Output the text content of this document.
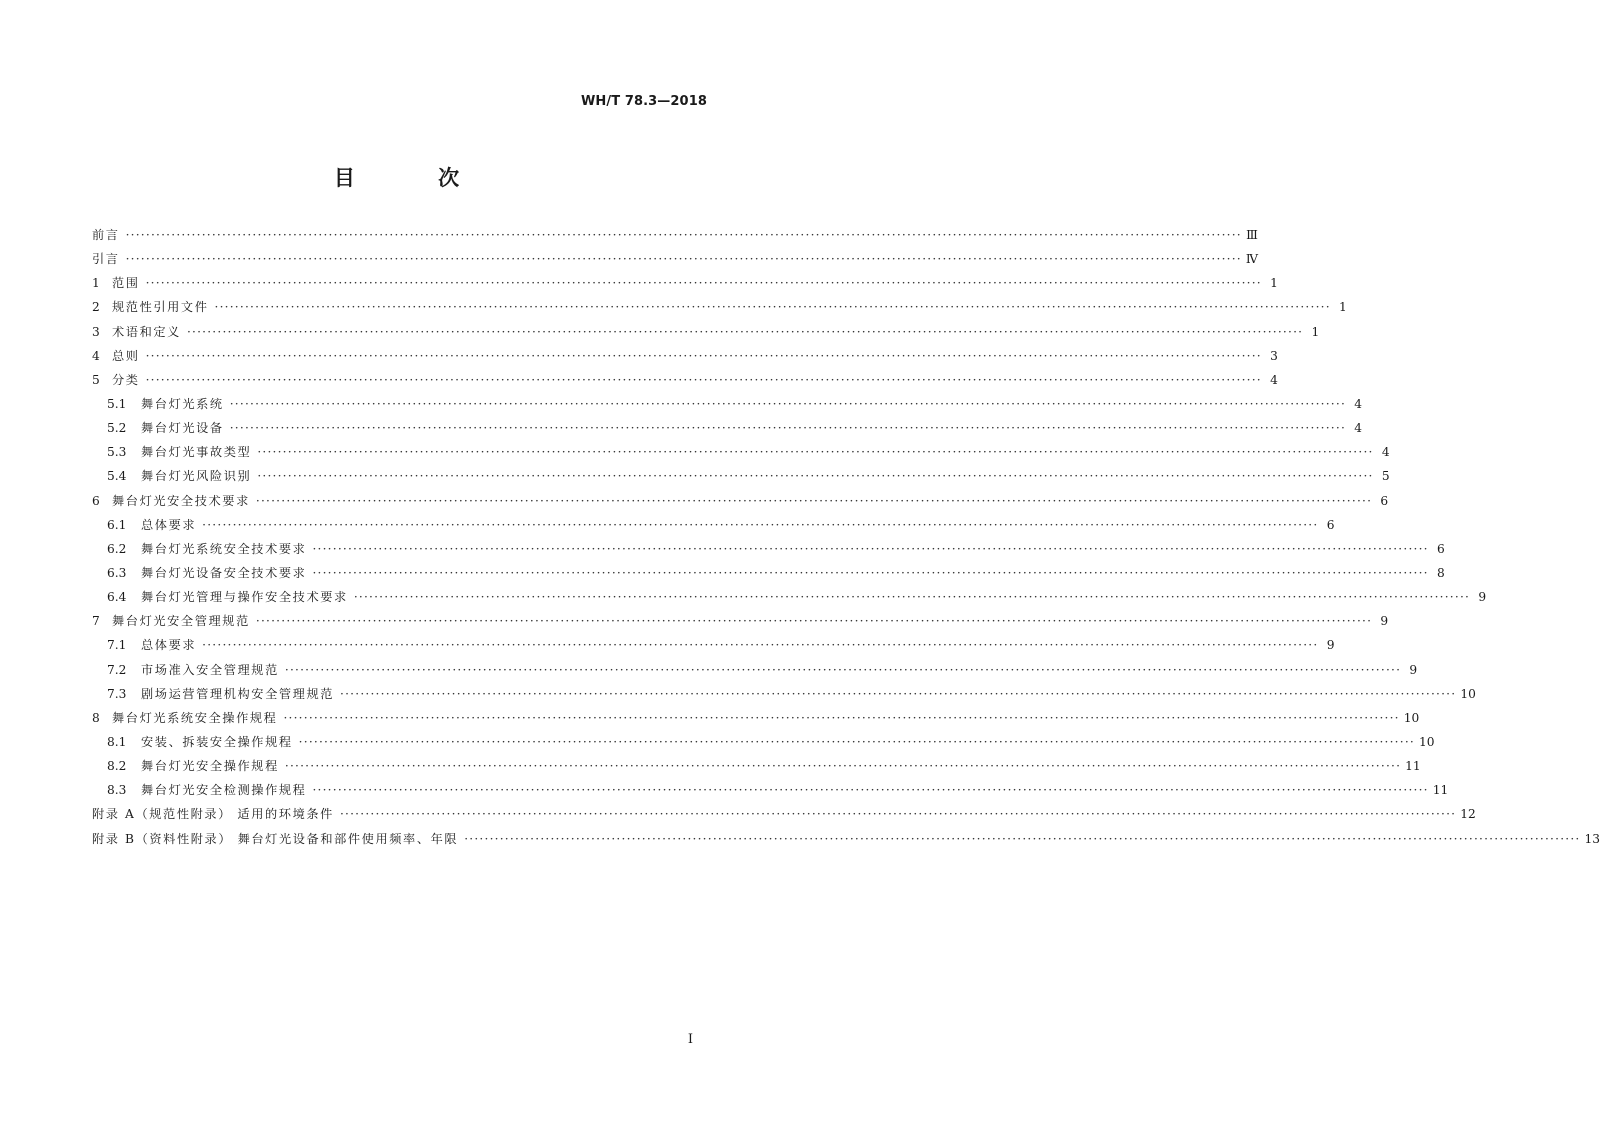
WH/T 78.3—2018
目 次
前言 ···························································································································································································································· Ⅲ
引言 ···························································································································································································································· Ⅳ
1	范围 ···························································································································································································································· 1
2	规范性引用文件 ···························································································································································································································· 1
3	术语和定义 ···························································································································································································································· 1
4	总则 ···························································································································································································································· 3
5	分类 ···························································································································································································································· 4
5.1	舞台灯光系统 ···························································································································································································································· 4
5.2	舞台灯光设备 ···························································································································································································································· 4
5.3	舞台灯光事故类型 ···························································································································································································································· 4
5.4	舞台灯光风险识别 ···························································································································································································································· 5
6	舞台灯光安全技术要求 ···························································································································································································································· 6
6.1	总体要求 ···························································································································································································································· 6
6.2	舞台灯光系统安全技术要求 ···························································································································································································································· 6
6.3	舞台灯光设备安全技术要求 ···························································································································································································································· 8
6.4	舞台灯光管理与操作安全技术要求 ···························································································································································································································· 9
7	舞台灯光安全管理规范 ···························································································································································································································· 9
7.1	总体要求 ···························································································································································································································· 9
7.2	市场准入安全管理规范 ···························································································································································································································· 9
7.3	剧场运营管理机构安全管理规范 ···························································································································································································································· 10
8	舞台灯光系统安全操作规程 ···························································································································································································································· 10
8.1	安装、拆装安全操作规程 ···························································································································································································································· 10
8.2	舞台灯光安全操作规程 ···························································································································································································································· 11
8.3	舞台灯光安全检测操作规程 ···························································································································································································································· 11
附录 A（规范性附录） 适用的环境条件 ···························································································································································································································· 12
附录 B（资料性附录） 舞台灯光设备和部件使用频率、年限 ···························································································································································································································· 13
I
